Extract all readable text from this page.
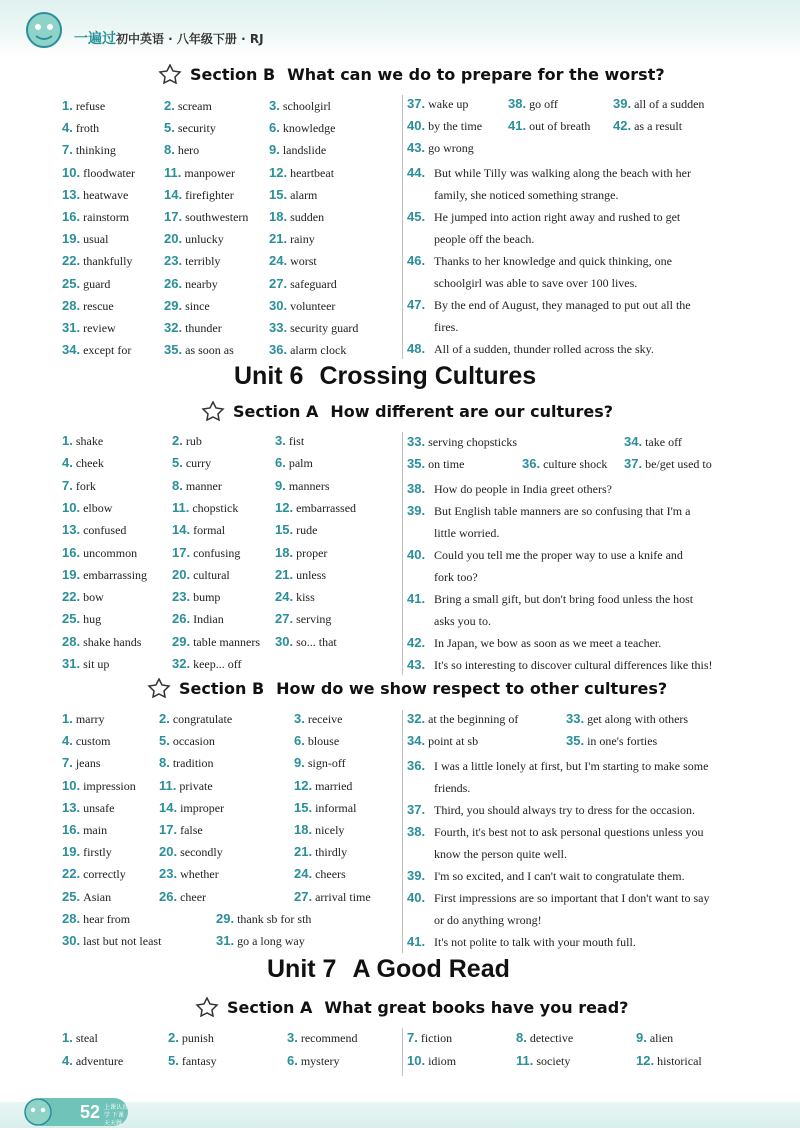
一遍过 初中英语 · 八年级下册 · RJ
Section B What can we do to prepare for the worst?
Unit 6 Crossing Cultures
Section A How different are our cultures?
Section B How do we show respect to other cultures?
Unit 7 A Good Read
Section A What great books have you read?
1. refuse	2. scream	3. schoolgirl
4. froth	5. security	6. knowledge
7. thinking	8. hero	9. landslide
10. floodwater 11. manpower	12. heartbeat
13. heatwave	14. firefighter	15. alarm
16. rainstorm	17. southwestern 18. sudden
19. usual	20. unlucky	21. rainy
22. thankfully 23. terribly	24. worst
25. guard	26. nearby	27. safeguard
28. rescue	29. since	30. volunteer
31. review	32. thunder	33. security guard
34. except for	35. as soon as	36. alarm clock
37. wake up	38. go off	39. all of a sudden
40. by the time 41. out of breath 42. as a result
43. go wrong
44. But while Tilly was walking along the beach with her
family, she noticed something strange.
45. He jumped into action right away and rushed to get
people off the beach.
46. Thanks to her knowledge and quick thinking, one
schoolgirl was able to save over 100 lives.
47. By the end of August, they managed to put out all the
fires.
48. All of a sudden, thunder rolled across the sky.
1. shake	2. rub	3. fist
4. cheek	5. curry	6. palm
7. fork	8. manner	9. manners
10. elbow	11. chopstick	12. embarrassed
13. confused	14. formal	15. rude
16. uncommon	17. confusing	18. proper
19. embarrassing 20. cultural	21. unless
22. bow	23. bump	24. kiss
25. hug	26. Indian	27. serving
28. shake hands 29. table manners 30. so... that
31. sit up	32. keep... off
33. serving chopsticks	34. take off
35. on time	36. culture shock 37. be/get used to
38. How do people in India greet others?
39. But English table manners are so confusing that I'm a
little worried.
40. Could you tell me the proper way to use a knife and
fork too?
41. Bring a small gift, but don't bring food unless the host
asks you to.
42. In Japan, we bow as soon as we meet a teacher.
43. It's so interesting to discover cultural differences like this!
1. marry	2. congratulate	3. receive
4. custom	5. occasion	6. blouse
7. jeans	8. tradition	9. sign-off
10. impression 11. private	12. married
13. unsafe	14. improper	15. informal
16. main	17. false	18. nicely
19. firstly	20. secondly	21. thirdly
22. correctly	23. whether	24. cheers
25. Asian	26. cheer	27. arrival time
28. hear from	29. thank sb for sth
30. last but not least	31. go a long way
32. at the beginning of	33. get along with others
34. point at sb	35. in one's forties
36. I was a little lonely at first, but I'm starting to make some
friends.
37. Third, you should always try to dress for the occasion.
38. Fourth, it's best not to ask personal questions unless you
know the person quite well.
39. I'm so excited, and I can't wait to congratulate them.
40. First impressions are so important that I don't want to say
or do anything wrong!
41. It's not polite to talk with your mouth full.
1. steal	2. punish	3. recommend
4. adventure	5. fantasy	6. mystery
7. fiction	8. detective	9. alien
10. idiom	11. society	12. historical
52 上课认真学 下课天天做
